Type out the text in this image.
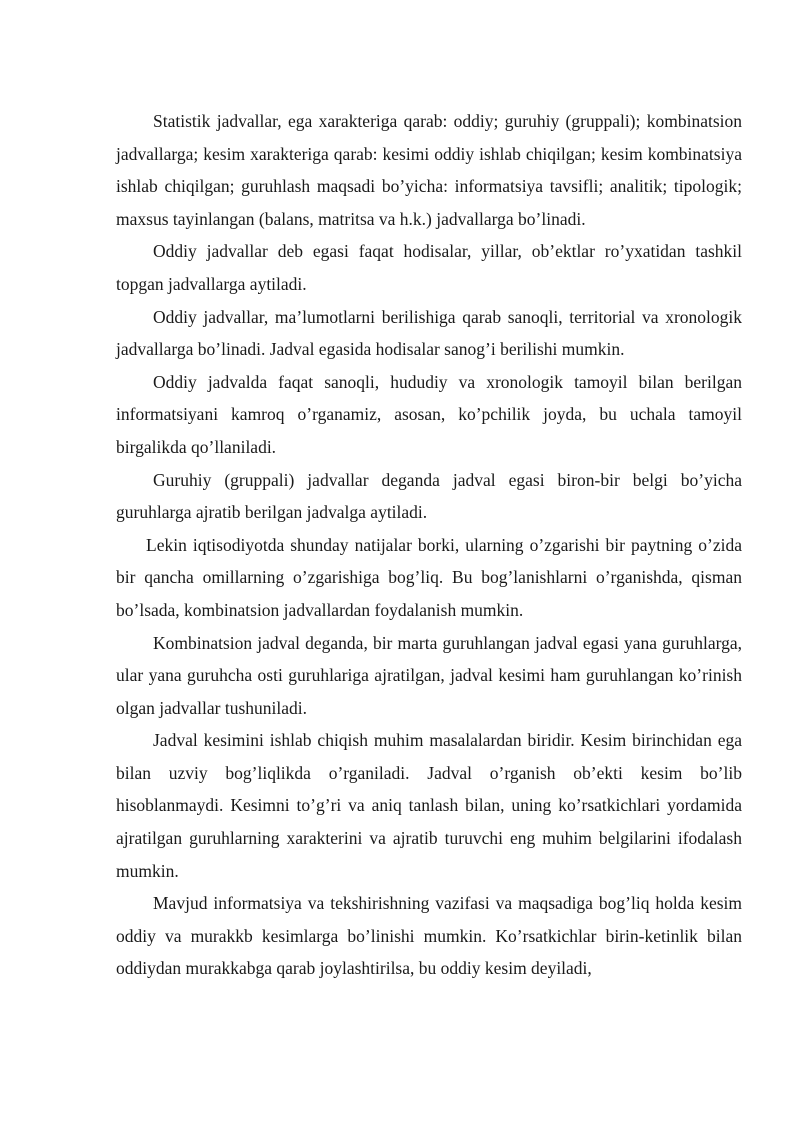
Statistik jadvallar, ega xarakteriga qarab: oddiy; guruhiy (gruppali); kombinatsion jadvallarga; kesim xarakteriga qarab: kesimi oddiy ishlab chiqilgan; kesim kombinatsiya ishlab chiqilgan; guruhlash maqsadi bo’yicha: informatsiya tavsifli; analitik; tipologik; maxsus tayinlangan (balans, matritsa va h.k.) jadvallarga bo’linadi.

Oddiy jadvallar deb egasi faqat hodisalar, yillar, ob’ektlar ro’yxatidan tashkil topgan jadvallarga aytiladi.

Oddiy jadvallar, ma’lumotlarni berilishiga qarab sanoqli, territorial va xronologik jadvallarga bo’linadi. Jadval egasida hodisalar sanog’i berilishi mumkin.

Oddiy jadvalda faqat sanoqli, hududiy va xronologik tamoyil bilan berilgan informatsiyani kamroq o’rganamiz, asosan, ko’pchilik joyda, bu uchala tamoyil birgalikda qo’llaniladi.

Guruhiy (gruppali) jadvallar deganda jadval egasi biron-bir belgi bo’yicha guruhlarga ajratib berilgan jadvalga aytiladi.

Lekin iqtisodiyotda shunday natijalar borki, ularning o’zgarishi bir paytning o’zida bir qancha omillarning o’zgarishiga bog’liq. Bu bog’lanishlarni o’rganishda, qisman bo’lsada, kombinatsion jadvallardan foydalanish mumkin.

Kombinatsion jadval deganda, bir marta guruhlangan jadval egasi yana guruhlarga, ular yana guruhcha osti guruhlariga ajratilgan, jadval kesimi ham guruhlangan ko’rinish olgan jadvallar tushuniladi.

Jadval kesimini ishlab chiqish muhim masalalardan biridir. Kesim birinchidan ega bilan uzviy bog’liqlikda o’rganiladi. Jadval o’rganish ob’ekti kesim bo’lib hisoblanmaydi. Kesimni to’g’ri va aniq tanlash bilan, uning ko’rsatkichlari yordamida ajratilgan guruhlarning xarakterini va ajratib turuvchi eng muhim belgilarini ifodalash mumkin.

Mavjud informatsiya va tekshirishning vazifasi va maqsadiga bog’liq holda kesim oddiy va murakkb kesimlarga bo’linishi mumkin. Ko’rsatkichlar birin-ketinlik bilan oddiydan murakkabga qarab joylashtirilsa, bu oddiy kesim deyiladi,
